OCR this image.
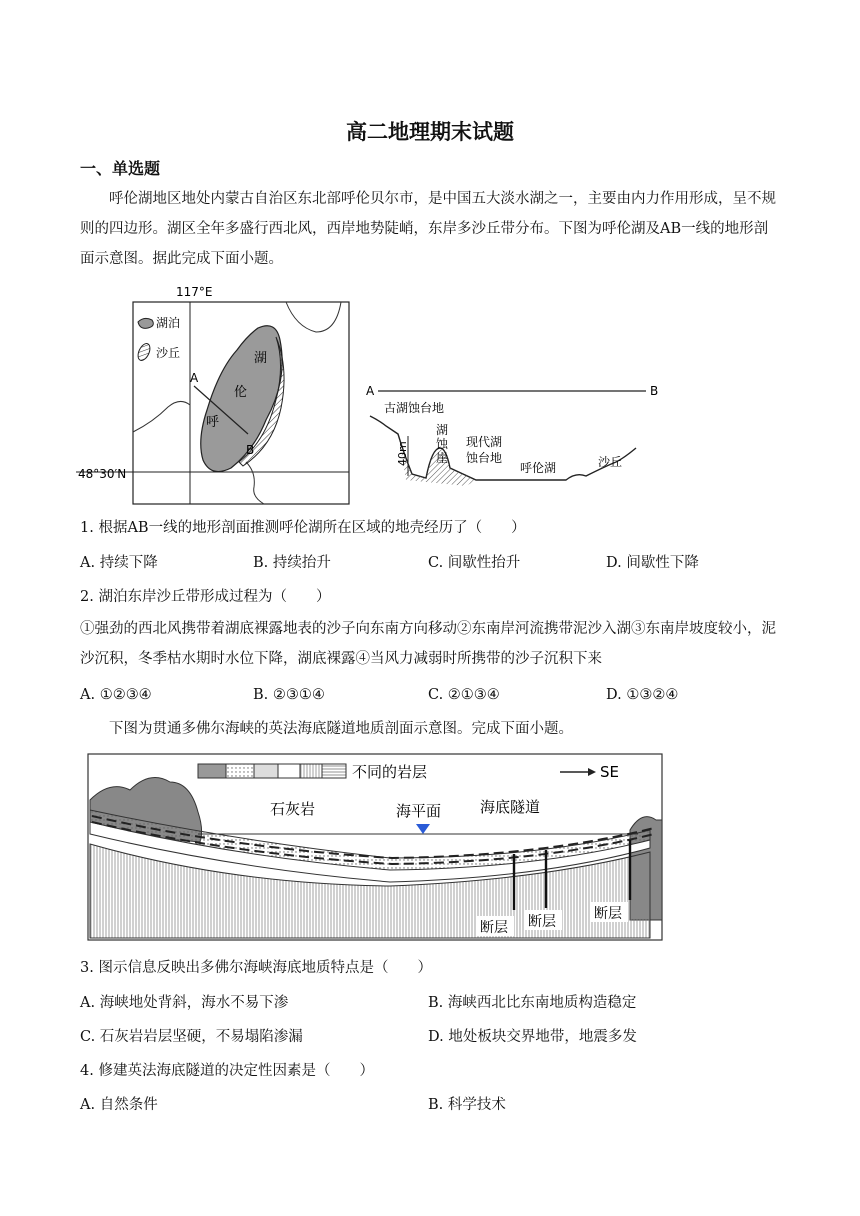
高二地理期末试题
一、单选题
呼伦湖地区地处内蒙古自治区东北部呼伦贝尔市，是中国五大淡水湖之一，主要由内力作用形成，呈不规则的四边形。湖区全年多盛行西北风，西岸地势陡峭，东岸多沙丘带分布。下图为呼伦湖及AB一线的地形剖面示意图。据此完成下面小题。
117°E
48°30′N
湖泊
沙丘	湖
伦
呼
A
B
A	B
古湖蚀台地
湖
蚀
崖
现代湖
蚀台地
呼伦湖	沙丘
40m
1. 根据AB一线的地形剖面推测呼伦湖所在区域的地壳经历了（　　）
A. 持续下降	B. 持续抬升	C. 间歇性抬升	D. 间歇性下降
2. 湖泊东岸沙丘带形成过程为（　　）
①强劲的西北风携带着湖底裸露地表的沙子向东南方向移动②东南岸河流携带泥沙入湖③东南岸坡度较小，泥沙沉积，冬季枯水期时水位下降，湖底裸露④当风力减弱时所携带的沙子沉积下来
A. ①②③④	B. ②③①④	C. ②①③④	D. ①③②④
下图为贯通多佛尔海峡的英法海底隧道地质剖面示意图。完成下面小题。
不同的岩层	SE
石灰岩	海平面	海底隧道
断层 断层	断层
3. 图示信息反映出多佛尔海峡海底地质特点是（　　）
A. 海峡地处背斜，海水不易下渗	B. 海峡西北比东南地质构造稳定
C. 石灰岩岩层坚硬，不易塌陷渗漏	D. 地处板块交界地带，地震多发
4. 修建英法海底隧道的决定性因素是（　　）
A. 自然条件	B. 科学技术
